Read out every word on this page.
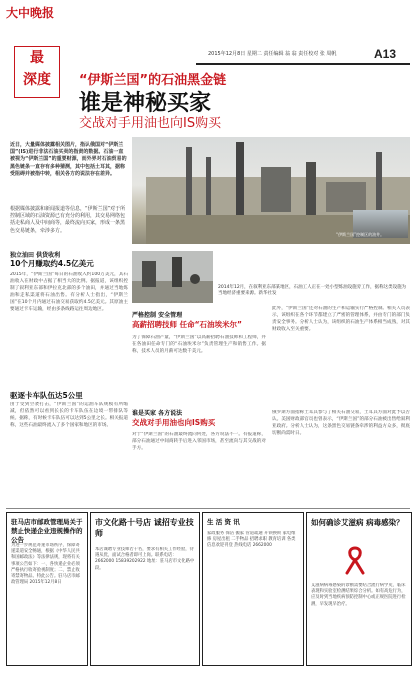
大中晚报
2015年12月8日 星期二 责任编辑 翁 翁 责任校对 张 周帆	A13
最
深度	“伊斯兰国”的石油黑金链
谁是神秘买家
交战对手用油也向IS购买
近日，大量媒体披露相关图片，指认俄国对“伊斯兰国”(IS)进行非法石油买卖的指责的数据。石油一直被视为“伊斯兰国”的重要财源，而外界对石油贸易的黑色链条一直存有多种猜测，其中包括土耳其，据称受阻碍并被指中转，相关各方的说法存在差异。
根据媒体披露和新闻报道等信息，“伊斯兰国”对于所控制区域的石油资源已有充分的利用，其交易网络包括走私商人及中间商等，最终流向买家，形成一条黑色交易链条，牵涉多方。
“伊斯兰国”控制区的油井。
2014年12月，在叙利亚东部某地区，石油工人正在一处小型炼油设施旁工作，据称这类设施为当地经济重要来源。新华社发
独立油田 供货收利
10个月赚取约4.5亿美元
2015年，“伊斯兰国”每日的石油收入约100万美元，其石油收入在财政中占据了相当大的比例。据报道，该组织控制了叙利亚东部和伊拉克北部的多个油田，并通过当地炼油和走私渠道将石油出售。有分析人士指出，“伊斯兰国”在10个月内通过石油交易获取约4.5亿美元。其原油主要通过卡车运输，经由多条线路运往周边地区。
驱逐卡车队伍达5公里
由于受到空袭打击，“伊斯兰国”的运油车队规模有所缩减，但依然可以看到长长的卡车队伍在边境一带排队等候。据称，有时候卡车队伍可以达到5公里之长。相关报道称，这些石油最终流入了多个国家和地区的市场。
严格控制 安全管理
高薪招聘技师 任命“石油埃米尔”
为了保障石油产量，“伊斯兰国”以高薪招聘石油技师和工程师，并在各油田任命专门的“石油埃米尔”负责管理生产和销售工作。据称，技术人员的月薪可达数千美元。
此外，“伊斯兰国”还对石油的生产和运输实行严格控制。相关人员表示，该组织在各个环节都建立了严密的管理体系，并由专门的部门负责安全事务。分析人士认为，该组织的石油生产体系相当成熟，对其财政收入至关重要。
谁是买家 各方说法
交战对手用油也向IS购买
对于“伊斯兰国”的石油最终流向何处，各方说法不一。有报道称，部分石油通过中间商转手后进入邻国市场，甚至流向与其交战的对手方。
俄罗斯方面指称土耳其参与了相关石油交易，土耳其方面对此予以否认。美国财政部官员也曾表示，“伊斯兰国”的部分石油被出售给叙利亚政府。分析人士认为，这条黑色交易链条牵涉的利益方众多，彻底切断尚需时日。
驻马店市邮政管理局关于禁止快递企业违规操作的公告
为进一步规范寄递市场秩序，保障寄递渠道安全畅通，根据《中华人民共和国邮政法》等法律法规，现将有关事项公告如下：一、各快递企业必须严格执行收寄验视制度；二、禁止收寄禁寄物品。特此公告。驻马店市邮政管理局 2015年12月8日
市文化路十号店 诚招专业技师
本店诚聘专业技师若干名，要求有相关工作经验，待遇从优，面试合格者即可上岗。联系电话：2662000 15839202922 地址：驻马店市文化路中段。
生 活 资 讯
家政服务 保洁 搬家 管道疏通 开锁换锁 家电维修 房屋出租 二手物品 招聘求职 教育培训 各类信息欢迎刊登 热线电话 2662000
如何确诊艾滋病 病毒感染？
艾滋病病毒感染的诊断需要结合流行病学史、临床表现和实验室检测结果综合分析。如有高危行为，应及时到当地疾病预防控制中心或正规医院进行检测，早发现早治疗。
